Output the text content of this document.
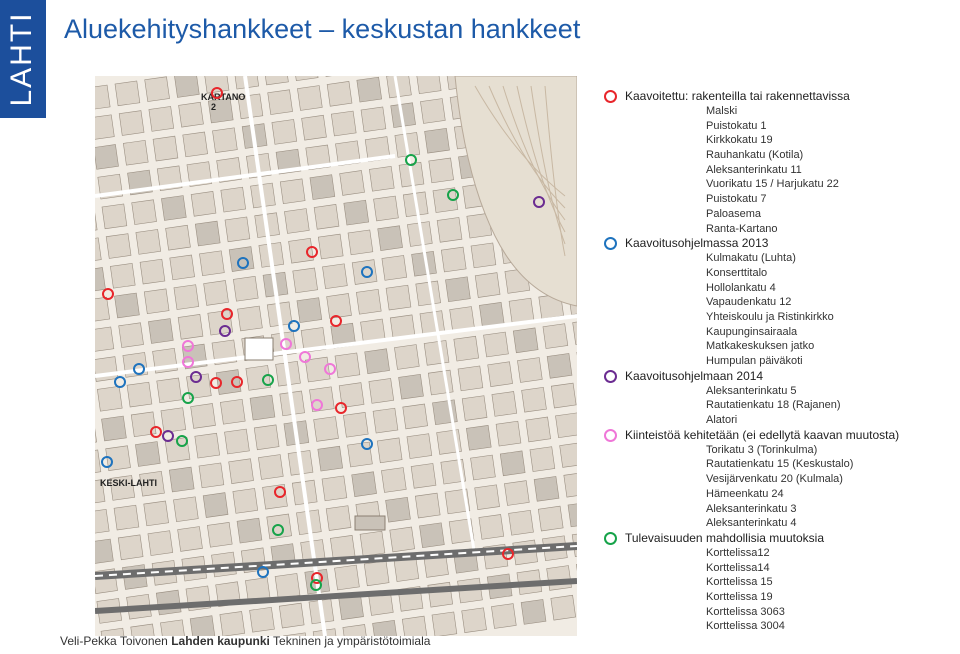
LAHTI Aluekehityshankkeet – keskustan hankkeet
KARTANO
2
KESKI-LAHTI
Veli-Pekka Toivonen Lahden kaupunki Tekninen ja ympäristötoimiala
Kaavoitettu: rakenteilla tai rakennettavissa
Malski
Puistokatu 1
Kirkkokatu 19
Rauhankatu (Kotila)
Aleksanterinkatu 11
Vuorikatu 15 / Harjukatu 22
Puistokatu 7
Paloasema
Ranta-Kartano
Kaavoitusohjelmassa 2013
Kulmakatu (Luhta)
Konserttitalo
Hollolankatu 4
Vapaudenkatu 12
Yhteiskoulu ja Ristinkirkko
Kaupunginsairaala
Matkakeskuksen jatko
Humpulan päiväkoti
Kaavoitusohjelmaan 2014
Aleksanterinkatu 5
Rautatienkatu 18 (Rajanen)
Alatori
Kiinteistöä kehitetään (ei edellytä kaavan muutosta)
Torikatu 3 (Torinkulma)
Rautatienkatu 15 (Keskustalo)
Vesijärvenkatu 20 (Kulmala)
Hämeenkatu 24
Aleksanterinkatu 3
Aleksanterinkatu 4
Tulevaisuuden mahdollisia muutoksia
Korttelissa12
Korttelissa14
Korttelissa 15
Korttelissa 19
Korttelissa 3063
Korttelissa 3004
